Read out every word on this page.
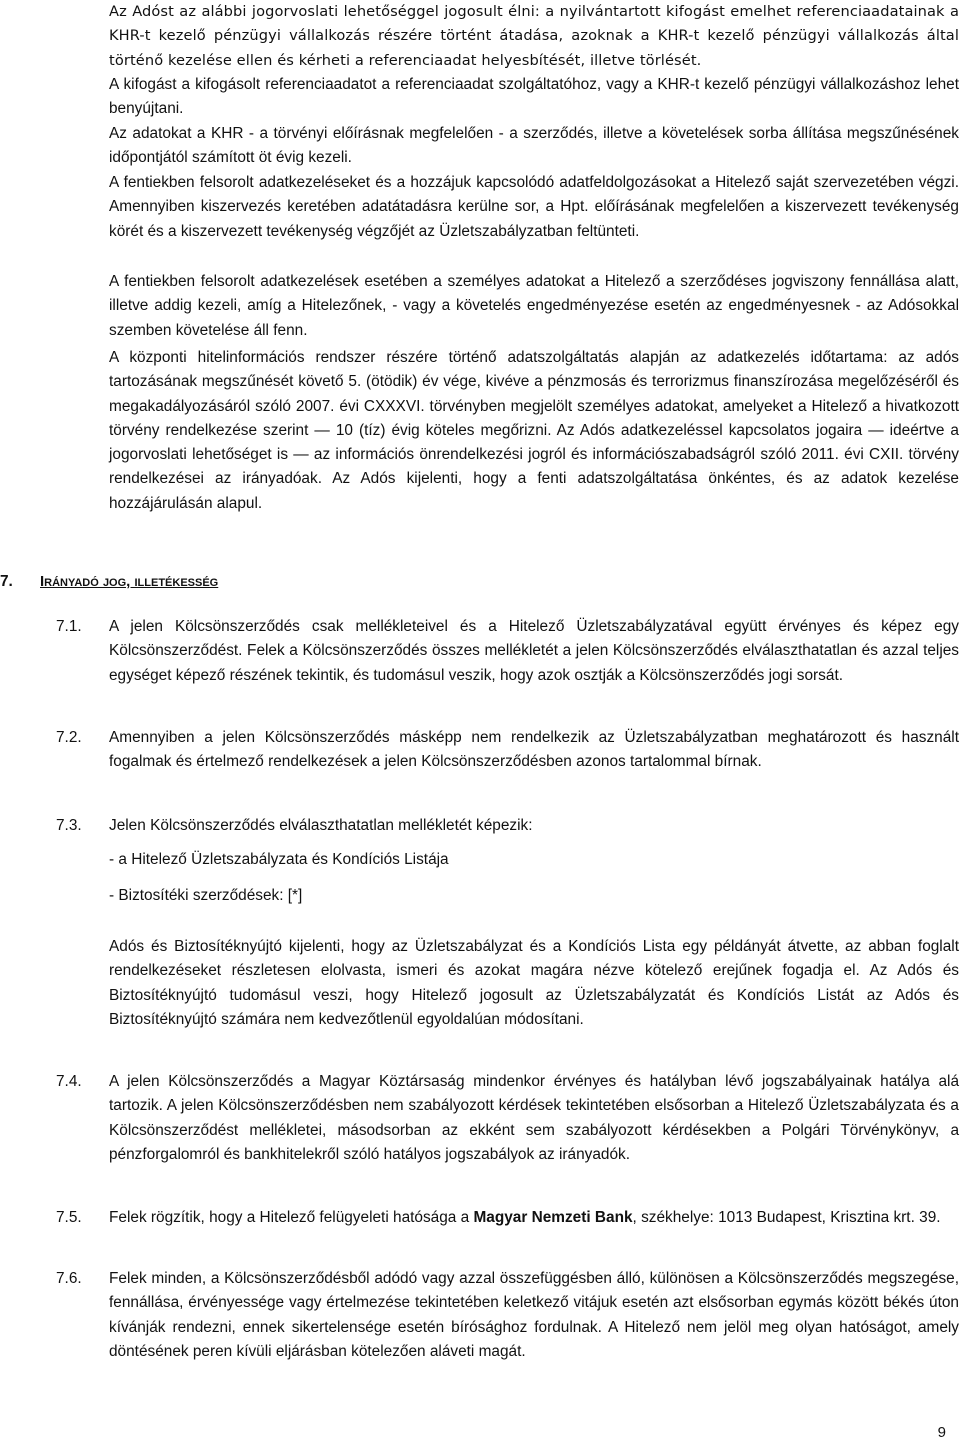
Az Adóst az alábbi jogorvoslati lehetőséggel jogosult élni: a nyilvántartott kifogást emelhet referenciaadatainak a KHR-t kezelő pénzügyi vállalkozás részére történt átadása, azoknak a KHR-t kezelő pénzügyi vállalkozás által történő kezelése ellen és kérheti a referenciaadat helyesbítését, illetve törlését.

A kifogást a kifogásolt referenciaadatot a referenciaadat szolgáltatóhoz, vagy a KHR-t kezelő pénzügyi vállalkozáshoz lehet benyújtani.

Az adatokat a KHR - a törvényi előírásnak megfelelően - a szerződés, illetve a követelések sorba állítása megszűnésének időpontjától számított öt évig kezeli.

A fentiekben felsorolt adatkezeléseket és a hozzájuk kapcsolódó adatfeldolgozásokat a Hitelező saját szervezetében végzi. Amennyiben kiszervezés keretében adatátadásra kerülne sor, a Hpt. előírásának megfelelően a kiszervezett tevékenység körét és a kiszervezett tevékenység végzőjét az Üzletszabályzatban feltünteti.

A fentiekben felsorolt adatkezelések esetében a személyes adatokat a Hitelező a szerződéses jogviszony fennállása alatt, illetve addig kezeli, amíg a Hitelezőnek, - vagy a követelés engedményezése esetén az engedményesnek - az Adósokkal szemben követelése áll fenn.

A központi hitelinformációs rendszer részére történő adatszolgáltatás alapján az adatkezelés időtartama: az adós tartozásának megszűnését követő 5. (ötödik) év vége, kivéve a pénzmosás és terrorizmus finanszírozása megelőzéséről és megakadályozásáról szóló 2007. évi CXXXVI. törvényben megjelölt személyes adatokat, amelyeket a Hitelező a hivatkozott törvény rendelkezése szerint — 10 (tíz) évig köteles megőrizni. Az Adós adatkezeléssel kapcsolatos jogaira — ideértve a jogorvoslati lehetőséget is — az információs önrendelkezési jogról és információszabadságról szóló 2011. évi CXII. törvény rendelkezései az irányadóak. Az Adós kijelenti, hogy a fenti adatszolgáltatása önkéntes, és az adatok kezelése hozzájárulásán alapul.

7. Irányadó jog, illetékesség
7.1. A jelen Kölcsönszerződés csak mellékleteivel és a Hitelező Üzletszabályzatával együtt érvényes és képez egy Kölcsönszerződést. Felek a Kölcsönszerződés összes mellékletét a jelen Kölcsönszerződés elválaszthatatlan és azzal teljes egységet képező részének tekintik, és tudomásul veszik, hogy azok osztják a Kölcsönszerződés jogi sorsát.

7.2. Amennyiben a jelen Kölcsönszerződés másképp nem rendelkezik az Üzletszabályzatban meghatározott és használt fogalmak és értelmező rendelkezések a jelen Kölcsönszerződésben azonos tartalommal bírnak.

7.3. Jelen Kölcsönszerződés elválaszthatatlan mellékletét képezik:
- a Hitelező Üzletszabályzata és Kondíciós Listája
- Biztosítéki szerződések: [*]

Adós és Biztosítéknyújtó kijelenti, hogy az Üzletszabályzat és a Kondíciós Lista egy példányát átvette, az abban foglalt rendelkezéseket részletesen elolvasta, ismeri és azokat magára nézve kötelező erejűnek fogadja el. Az Adós és Biztosítéknyújtó tudomásul veszi, hogy Hitelező jogosult az Üzletszabályzatát és Kondíciós Listát az Adós és Biztosítéknyújtó számára nem kedvezőtlenül egyoldalúan módosítani.

7.4. A jelen Kölcsönszerződés a Magyar Köztársaság mindenkor érvényes és hatályban lévő jogszabályainak hatálya alá tartozik. A jelen Kölcsönszerződésben nem szabályozott kérdések tekintetében elsősorban a Hitelező Üzletszabályzata és a Kölcsönszerződést mellékletei, másodsorban az ekként sem szabályozott kérdésekben a Polgári Törvénykönyv, a pénzforgalomról és bankhitelekről szóló hatályos jogszabályok az irányadók.

7.5. Felek rögzítik, hogy a Hitelező felügyeleti hatósága a Magyar Nemzeti Bank, székhelye: 1013 Budapest, Krisztina krt. 39.

7.6. Felek minden, a Kölcsönszerződésből adódó vagy azzal összefüggésben álló, különösen a Kölcsönszerződés megszegése, fennállása, érvényessége vagy értelmezése tekintetében keletkező vitájuk esetén azt elsősorban egymás között békés úton kívánják rendezni, ennek sikertelensége esetén bírósághoz fordulnak. A Hitelező nem jelöl meg olyan hatóságot, amely döntésének peren kívüli eljárásban kötelezően aláveti magát.

9
